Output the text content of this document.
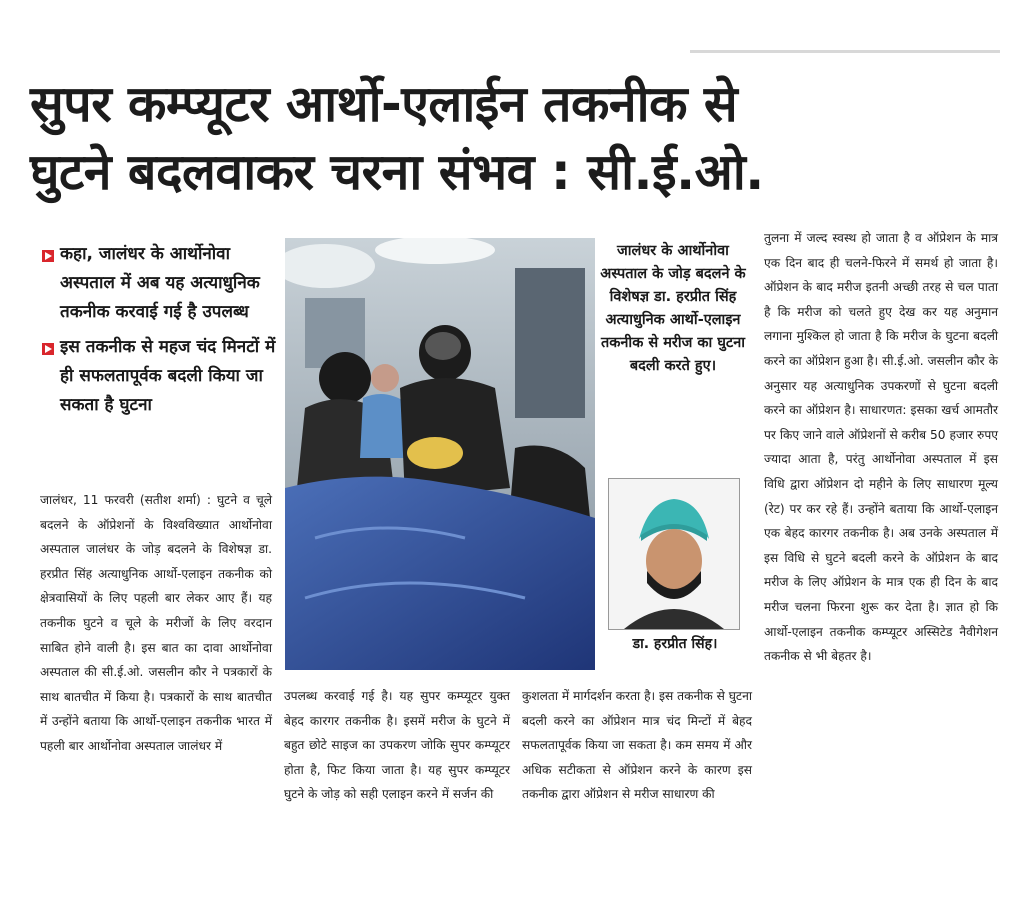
सुपर कम्प्यूटर आर्थो-एलाईन तकनीक से
घुटने बदलवाकर चरना संभव : सी.ई.ओ.
कहा, जालंधर के आर्थोनोवा अस्पताल में अब यह अत्याधुनिक तकनीक करवाई गई है उपलब्ध
इस तकनीक से महज चंद मिनटों में ही सफलतापूर्वक बदली किया जा सकता है घुटना
जालंधर, 11 फरवरी (सतीश शर्मा) : घुटने व चूले बदलने के ऑप्रेशनों के विश्वविख्यात आर्थोनोवा अस्पताल जालंधर के जोड़ बदलने के विशेषज्ञ डा. हरप्रीत सिंह अत्याधुनिक आर्थो-एलाइन तकनीक को क्षेत्रवासियों के लिए पहली बार लेकर आए हैं। यह तकनीक घुटने व चूले के मरीजों के लिए वरदान साबित होने वाली है। इस बात का दावा आर्थोनोवा अस्पताल की सी.ई.ओ. जसलीन कौर ने पत्रकारों के साथ बातचीत में किया है। पत्रकारों के साथ बातचीत में उन्होंने बताया कि आर्थो-एलाइन तकनीक भारत में पहली बार आर्थोनोवा अस्पताल जालंधर में
जालंधर के आर्थोनोवा अस्पताल के जोड़ बदलने के विशेषज्ञ डा. हरप्रीत सिंह अत्याधुनिक आर्थो-एलाइन तकनीक से मरीज का घुटना बदली करते हुए।
डा. हरप्रीत सिंह।
उपलब्ध करवाई गई है। यह सुपर कम्प्यूटर युक्त बेहद कारगर तकनीक है। इसमें मरीज के घुटने में बहुत छोटे साइज का उपकरण जोकि सुपर कम्प्यूटर होता है, फिट किया जाता है। यह सुपर कम्प्यूटर घुटने के जोड़ को सही एलाइन करने में सर्जन की
कुशलता में मार्गदर्शन करता है। इस तकनीक से घुटना बदली करने का ऑप्रेशन मात्र चंद मिन्टों में बेहद सफलतापूर्वक किया जा सकता है। कम समय में और अधिक सटीकता से ऑप्रेशन करने के कारण इस तकनीक द्वारा ऑप्रेशन से मरीज साधारण की
तुलना में जल्द स्वस्थ हो जाता है व ऑप्रेशन के मात्र एक दिन बाद ही चलने-फिरने में समर्थ हो जाता है। ऑप्रेशन के बाद मरीज इतनी अच्छी तरह से चल पाता है कि मरीज को चलते हुए देख कर यह अनुमान लगाना मुश्किल हो जाता है कि मरीज के घुटना बदली करने का ऑप्रेशन हुआ है। सी.ई.ओ. जसलीन कौर के अनुसार यह अत्याधुनिक उपकरणों से घुटना बदली करने का ऑप्रेशन है। साधारणत: इसका खर्च आमतौर पर किए जाने वाले ऑप्रेशनों से करीब 50 हजार रुपए ज्यादा आता है, परंतु आर्थोनोवा अस्पताल में इस विधि द्वारा ऑप्रेशन दो महीने के लिए साधारण मूल्य (रेट) पर कर रहे हैं। उन्होंने बताया कि आर्थो-एलाइन एक बेहद कारगर तकनीक है। अब उनके अस्पताल में इस विधि से घुटने बदली करने के ऑप्रेशन के बाद मरीज के लिए ऑप्रेशन के मात्र एक ही दिन के बाद मरीज चलना फिरना शुरू कर देता है। ज्ञात हो कि आर्थो-एलाइन तकनीक कम्प्यूटर अस्सिटेड नैवीगेशन तकनीक से भी बेहतर है।
